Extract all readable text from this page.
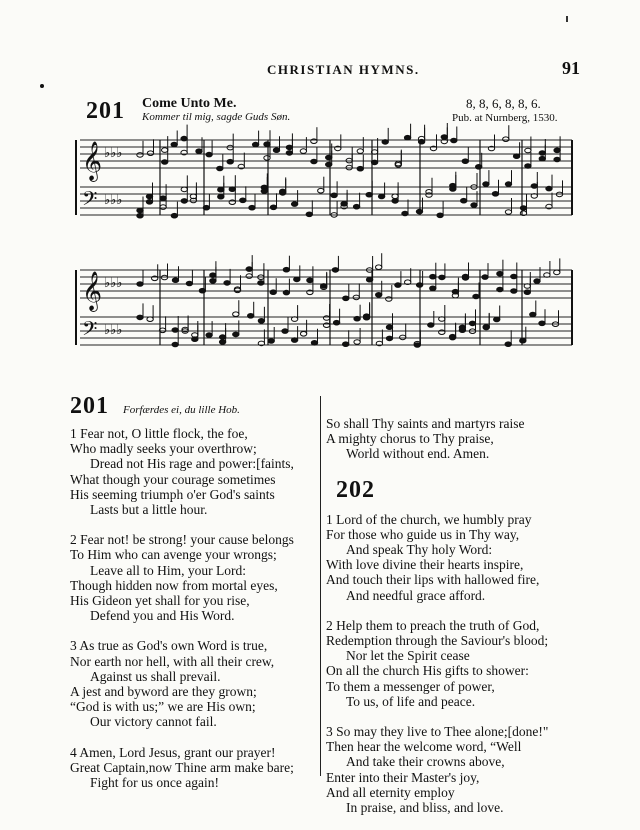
CHRISTIAN HYMNS.	91
201 Come Unto Me.
Kommer til mig, sagde Guds Søn.
8, 8, 6, 8, 8, 6.
Pub. at Nurnberg, 1530.
𝄞 ♭♭♭
𝄢 ♭♭♭
𝄞 ♭♭♭
𝄢 ♭♭♭
201 Forfærdes ei, du lille Hob.
1 Fear not, O little flock, the foe,
Who madly seeks your overthrow;
Dread not His rage and power:[faints,
What though your courage sometimes
His seeming triumph o'er God's saints
Lasts but a little hour.
2 Fear not! be strong! your cause belongs
To Him who can avenge your wrongs;
Leave all to Him, your Lord:
Though hidden now from mortal eyes,
His Gideon yet shall for you rise,
Defend you and His Word.
3 As true as God's own Word is true,
Nor earth nor hell, with all their crew,
Against us shall prevail.
A jest and byword are they grown;
“God is with us;” we are His own;
Our victory cannot fail.
4 Amen, Lord Jesus, grant our prayer!
Great Captain,now Thine arm make bare;
Fight for us once again!
So shall Thy saints and martyrs raise
A mighty chorus to Thy praise,
World without end. Amen.
202
1 Lord of the church, we humbly pray
For those who guide us in Thy way,
And speak Thy holy Word:
With love divine their hearts inspire,
And touch their lips with hallowed fire,
And needful grace afford.
2 Help them to preach the truth of God,
Redemption through the Saviour's blood;
Nor let the Spirit cease
On all the church His gifts to shower:
To them a messenger of power,
To us, of life and peace.
3 So may they live to Thee alone;[done!"
Then hear the welcome word, “Well
And take their crowns above,
Enter into their Master's joy,
And all eternity employ
In praise, and bliss, and love.
